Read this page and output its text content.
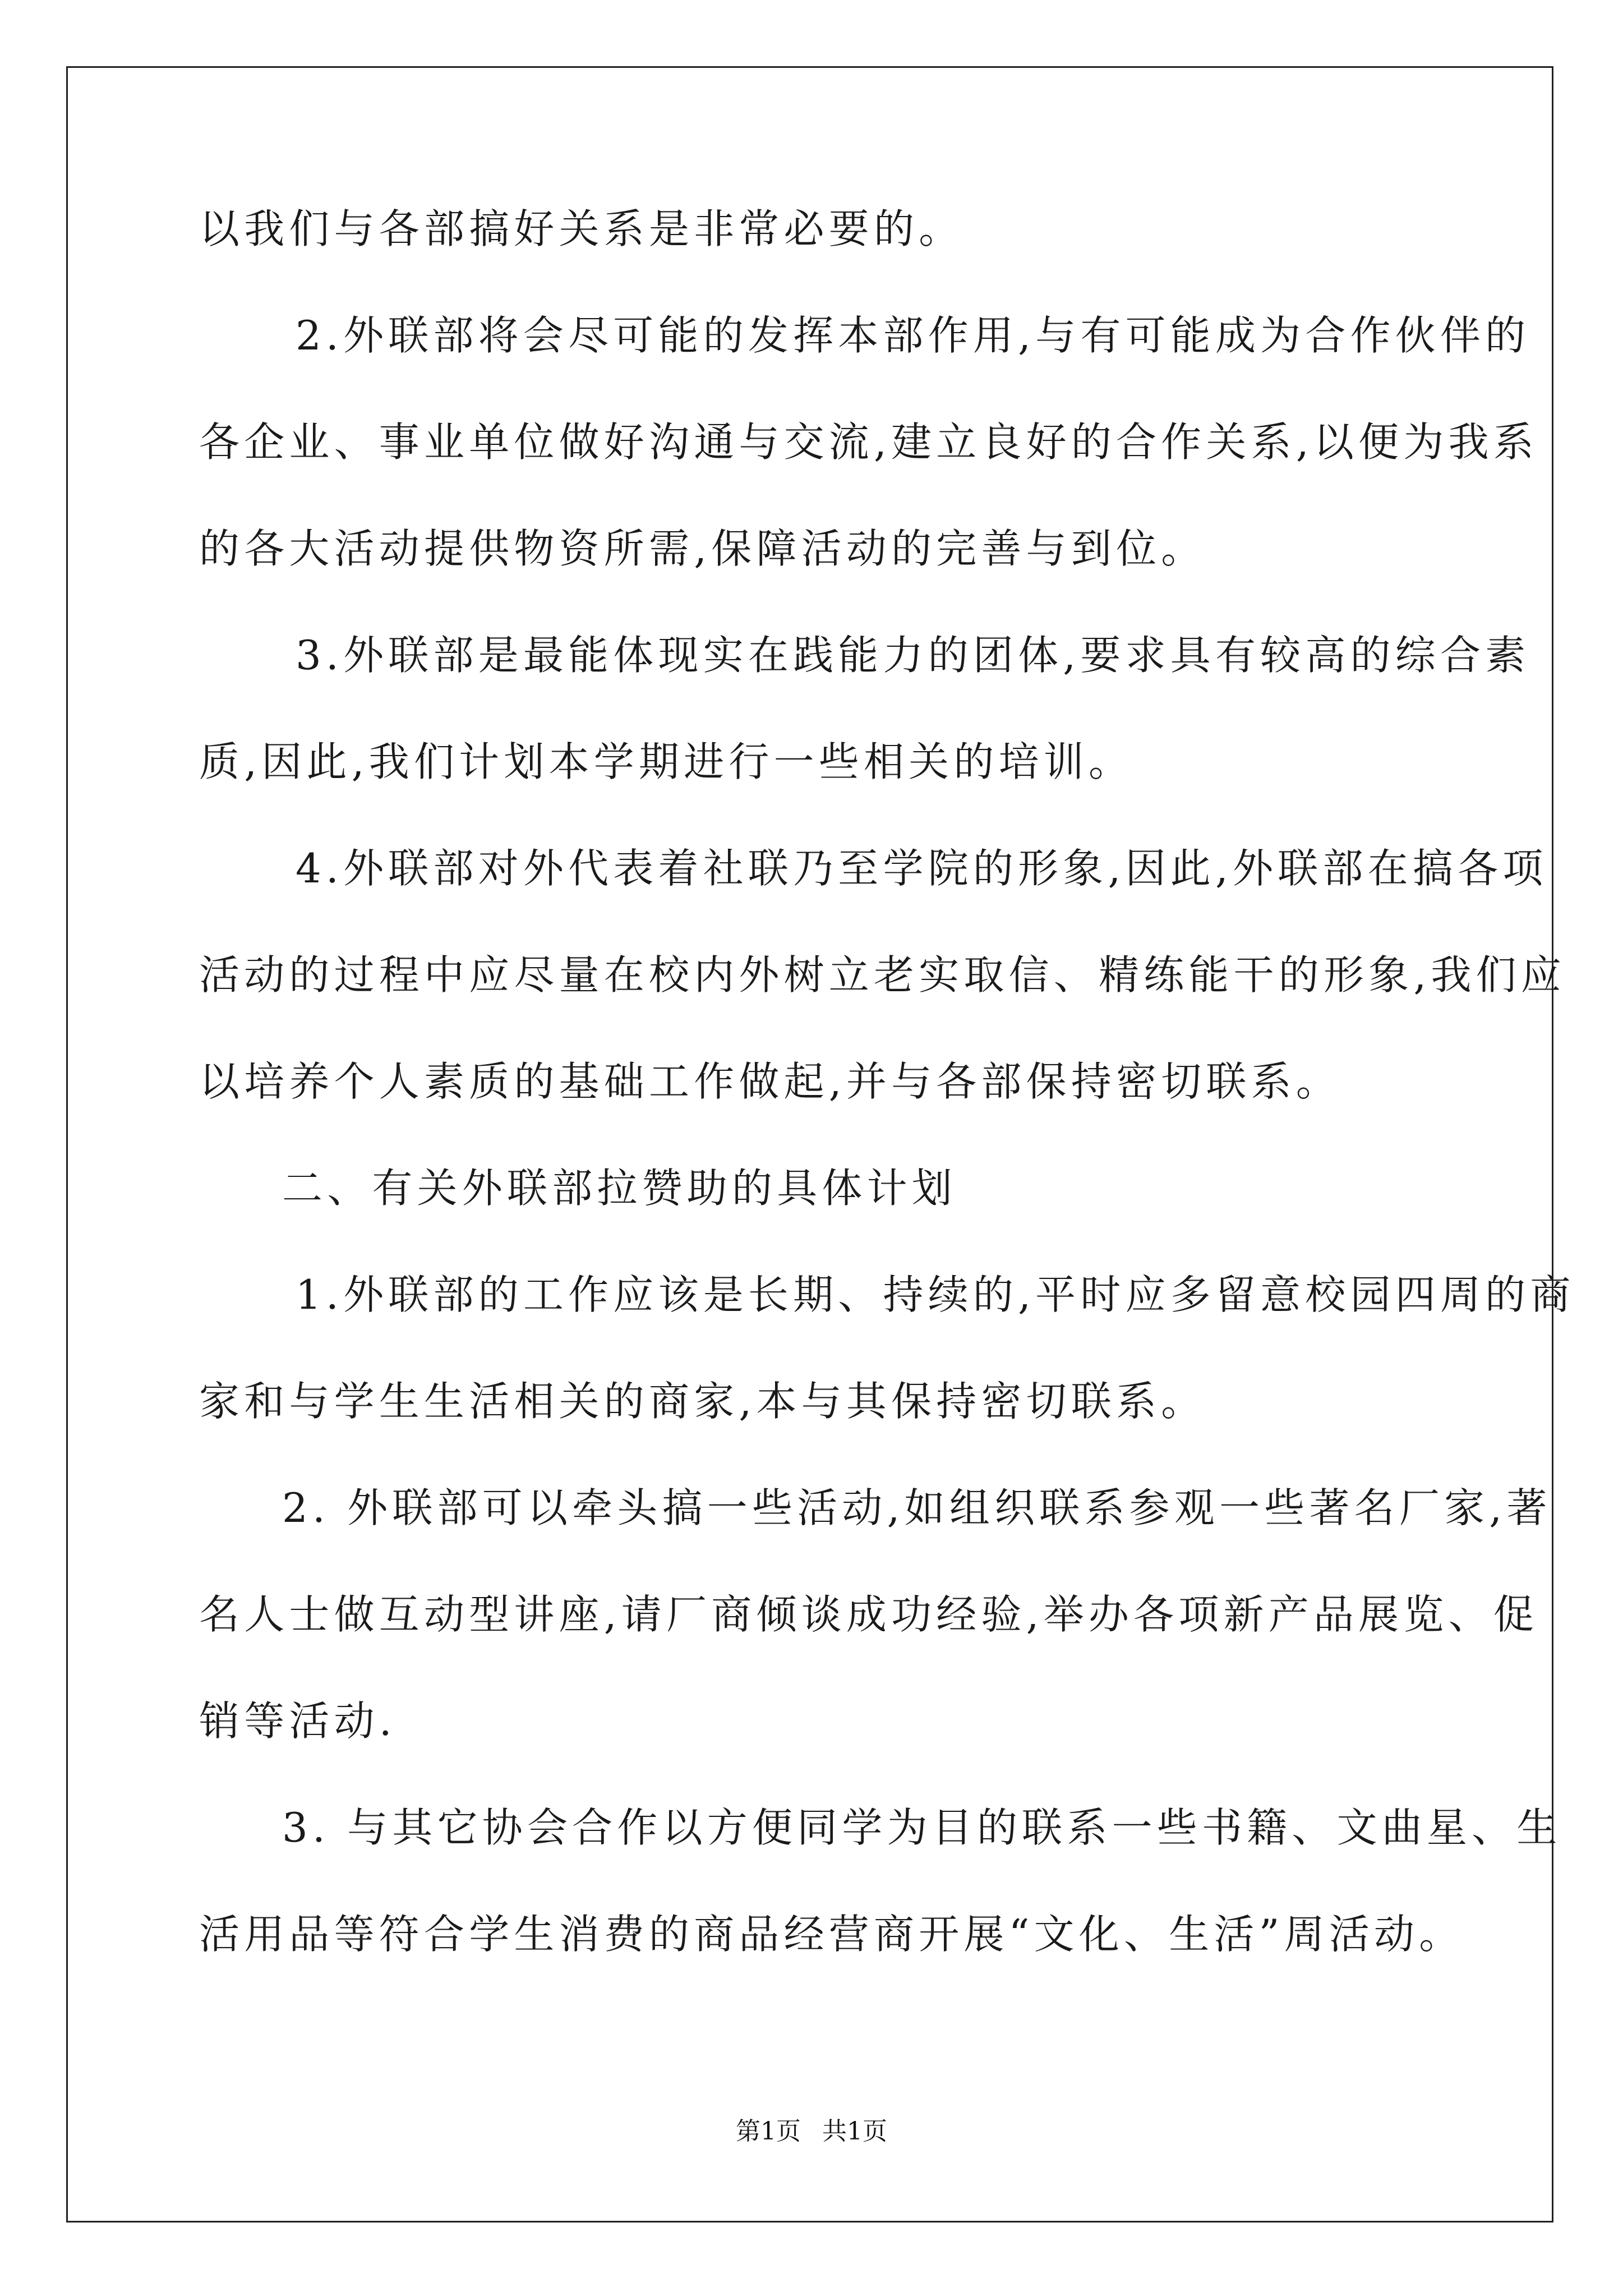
以我们与各部搞好关系是非常必要的。
2.外联部将会尽可能的发挥本部作用,与有可能成为合作伙伴的
各企业、事业单位做好沟通与交流,建立良好的合作关系,以便为我系
的各大活动提供物资所需,保障活动的完善与到位。
3.外联部是最能体现实在践能力的团体,要求具有较高的综合素
质,因此,我们计划本学期进行一些相关的培训。
4.外联部对外代表着社联乃至学院的形象,因此,外联部在搞各项
活动的过程中应尽量在校内外树立老实取信、精练能干的形象,我们应
以培养个人素质的基础工作做起,并与各部保持密切联系。
二、有关外联部拉赞助的具体计划
1.外联部的工作应该是长期、持续的,平时应多留意校园四周的商
家和与学生生活相关的商家,本与其保持密切联系。
2. 外联部可以牵头搞一些活动,如组织联系参观一些著名厂家,著
名人士做互动型讲座,请厂商倾谈成功经验,举办各项新产品展览、促
销等活动.
3. 与其它协会合作以方便同学为目的联系一些书籍、文曲星、生
活用品等符合学生消费的商品经营商开展“文化、生活”周活动。
第1页 共1页
